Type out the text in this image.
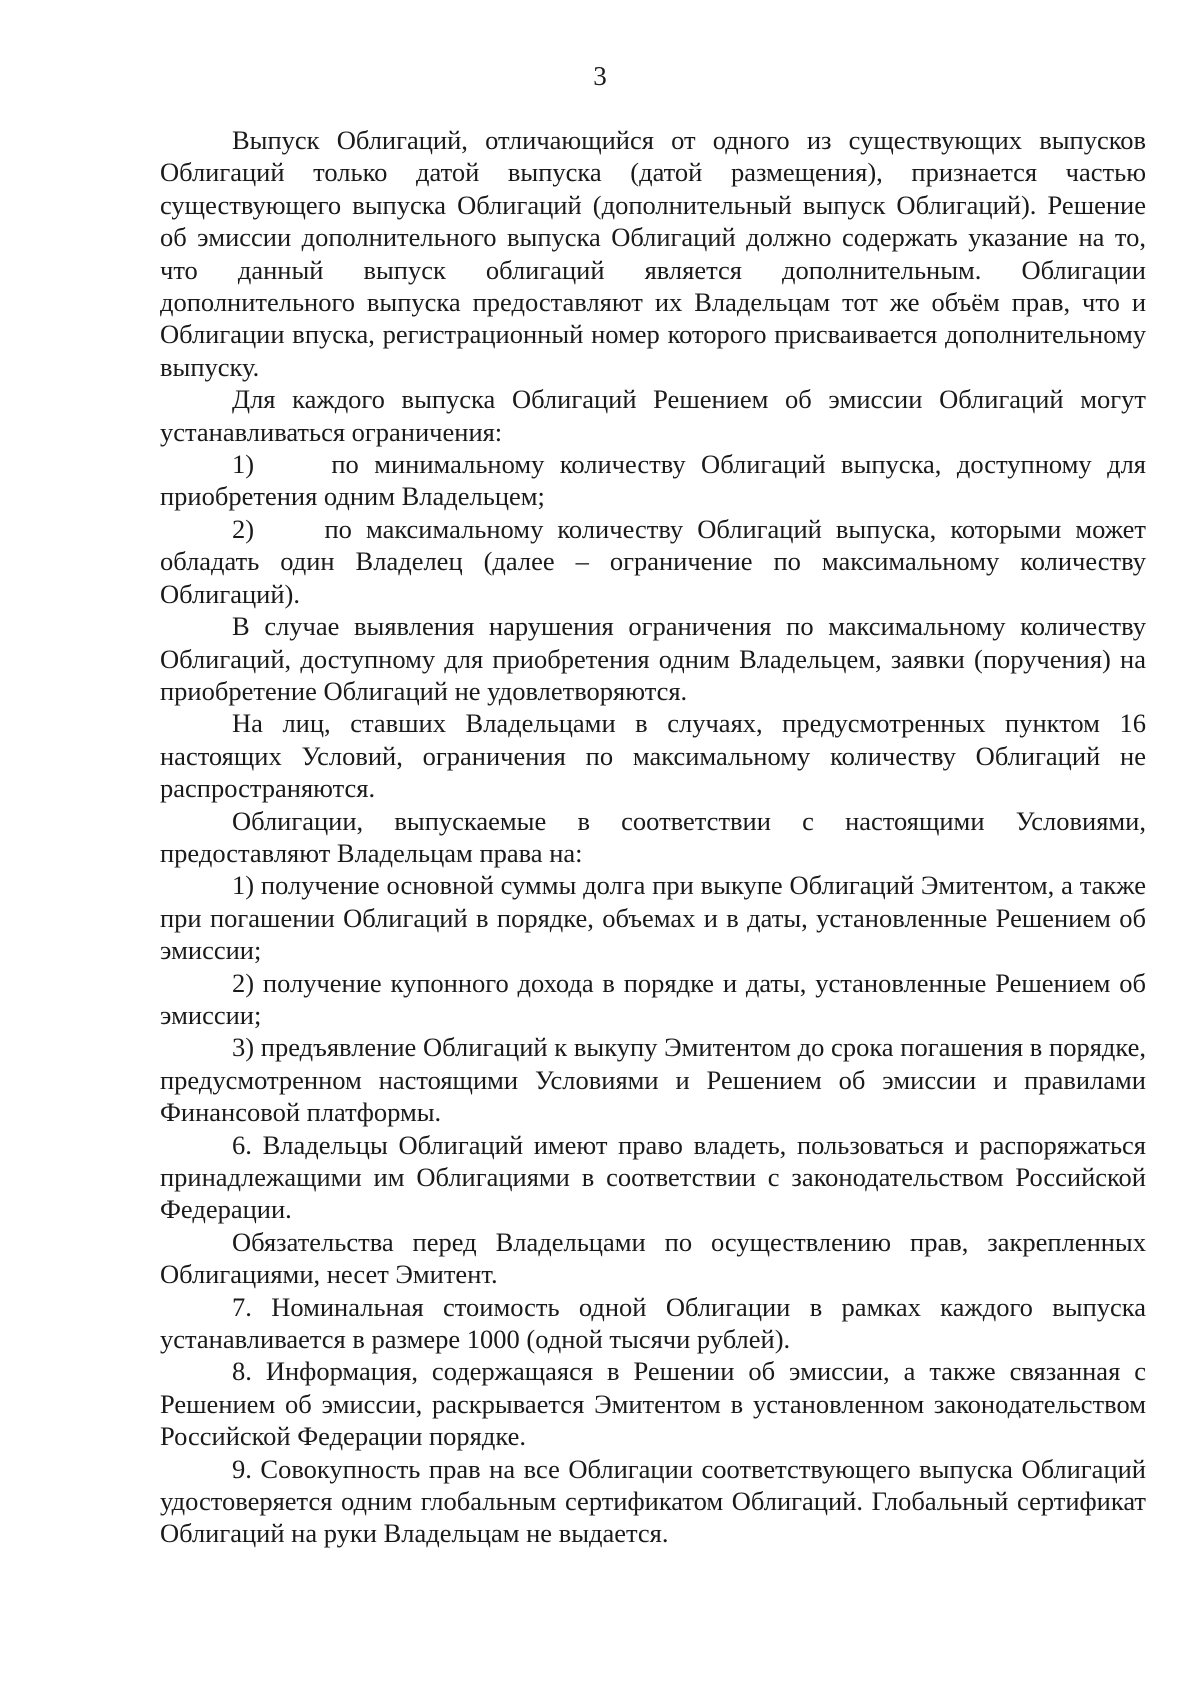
3

Выпуск Облигаций, отличающийся от одного из существующих выпусков Облигаций только датой выпуска (датой размещения), признается частью существующего выпуска Облигаций (дополнительный выпуск Облигаций). Решение об эмиссии дополнительного выпуска Облигаций должно содержать указание на то, что данный выпуск облигаций является дополнительным. Облигации дополнительного выпуска предоставляют их Владельцам тот же объём прав, что и Облигации впуска, регистрационный номер которого присваивается дополнительному выпуску.

Для каждого выпуска Облигаций Решением об эмиссии Облигаций могут устанавливаться ограничения:

1)     по минимальному количеству Облигаций выпуска, доступному для приобретения одним Владельцем;

2)     по максимальному количеству Облигаций выпуска, которыми может обладать один Владелец (далее – ограничение по максимальному количеству Облигаций).

В случае выявления нарушения ограничения по максимальному количеству Облигаций, доступному для приобретения одним Владельцем, заявки (поручения) на приобретение Облигаций не удовлетворяются.

На лиц, ставших Владельцами в случаях, предусмотренных пунктом 16 настоящих Условий, ограничения по максимальному количеству Облигаций не распространяются.

Облигации, выпускаемые в соответствии с настоящими Условиями, предоставляют Владельцам права на:

1) получение основной суммы долга при выкупе Облигаций Эмитентом, а также при погашении Облигаций в порядке, объемах и в даты, установленные Решением об эмиссии;

2) получение купонного дохода в порядке и даты, установленные Решением об эмиссии;

3) предъявление Облигаций к выкупу Эмитентом до срока погашения в порядке, предусмотренном настоящими Условиями и Решением об эмиссии и правилами Финансовой платформы.

6. Владельцы Облигаций имеют право владеть, пользоваться и распоряжаться принадлежащими им Облигациями в соответствии с законодательством Российской Федерации.

Обязательства перед Владельцами по осуществлению прав, закрепленных Облигациями, несет Эмитент.

7. Номинальная стоимость одной Облигации в рамках каждого выпуска устанавливается в размере 1000 (одной тысячи рублей).

8. Информация, содержащаяся в Решении об эмиссии, а также связанная с Решением об эмиссии, раскрывается Эмитентом в установленном законодательством Российской Федерации порядке.

9. Совокупность прав на все Облигации соответствующего выпуска Облигаций удостоверяется одним глобальным сертификатом Облигаций. Глобальный сертификат Облигаций на руки Владельцам не выдается.
